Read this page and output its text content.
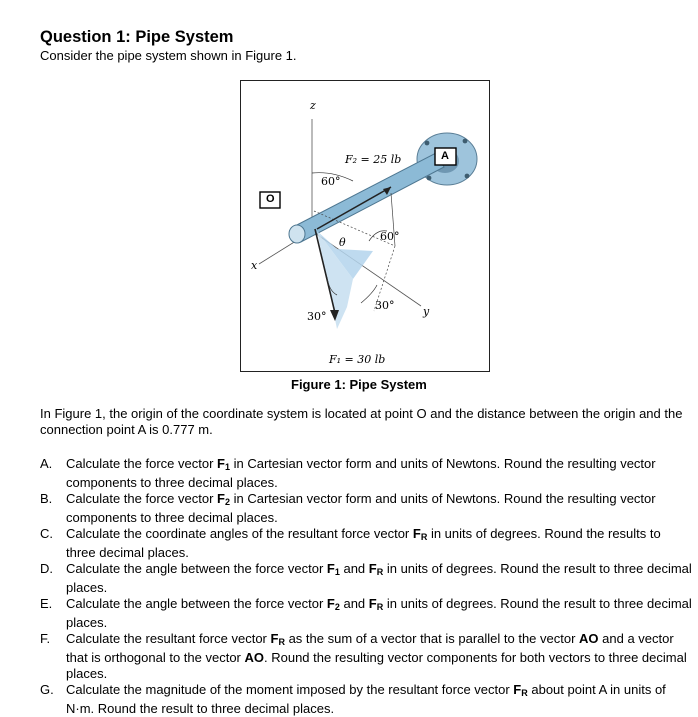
Question 1: Pipe System
Consider the pipe system shown in Figure 1.
z
x
y
O
A
F₂ = 25 lb
F₁ = 30 lb
60°
60°
θ
30°
30°
Figure 1: Pipe System
In Figure 1, the origin of the coordinate system is located at point O and the distance between the origin and the connection point A is 0.777 m.
A. Calculate the force vector $F_1$ in Cartesian vector form and units of Newtons. Round the resulting vector components to three decimal places.
B. Calculate the force vector $F_2$ in Cartesian vector form and units of Newtons. Round the resulting vector components to three decimal places.
C. Calculate the coordinate angles of the resultant force vector $F_R$ in units of degrees. Round the results to three decimal places.
D. Calculate the angle between the force vector $F_1$ and $F_R$ in units of degrees. Round the result to three decimal places.
E. Calculate the angle between the force vector $F_2$ and $F_R$ in units of degrees. Round the result to three decimal places.
F. Calculate the resultant force vector $F_R$ as the sum of a vector that is parallel to the vector AO and a vector that is orthogonal to the vector AO. Round the resulting vector components for both vectors to three decimal places.
G. Calculate the magnitude of the moment imposed by the resultant force vector $F_R$ about point A in units of N·m. Round the result to three decimal places.
